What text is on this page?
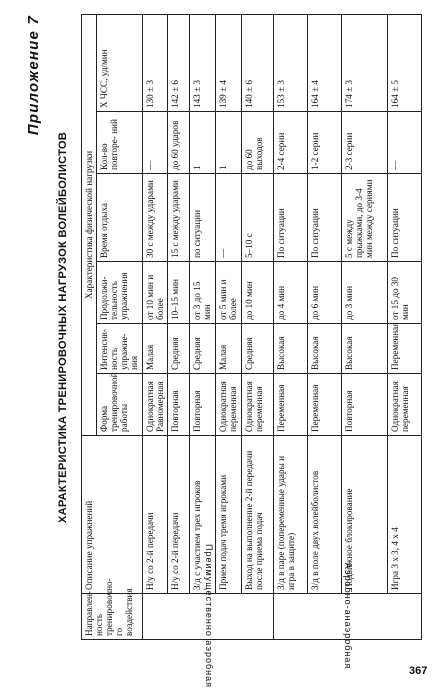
Приложение 7
ХАРАКТЕРИСТИКА ТРЕНИРОВОЧНЫХ НАГРУЗОК ВОЛЕЙБОЛИСТОВ
Направлен- ность тренировочно- го воздействия	Описание упражнений	Характеристика физической нагрузки					
		Форма тренировочной работы	Интенсив- ность упражне- ния	Продолжи- тельность упражнения	Время отдыха	Кол-во повторе- ний	X ЧСС, уд/мин

Преимущественно аэробная	Н/у со 2-й передачи	Однократная Равномерная	Малая	от 10 мин и более	30 с между ударами	—	130 ± 3
	Н/у со 2-й передачи	Повторная	Средняя	10–15 мин	15 с между ударами	до 60 ударов	142 ± 6
	З/д с участием трех игроков	Повторная	Средняя	от 3 до 15 мин	по ситуации	1	143 ± 3
	Прием подач тремя игроками	Однократная переменная	Малая	от 5 мин и более	—	1	139 ± 4
	Выход на выполнение 2-й передачи после приема подач	Однократная переменная	Средняя	до 10 мин	5–10 с	до 60 выходов	140 ± 6

Аэробно-анаэробная	З/д в паре (попеременные удары и игра в защите)	Переменная	Высокая	до 4 мин	По ситуации	2-4 серии	153 ± 3
	З/д в поле двух волейболистов	Переменная	Высокая	до 6 мин	По ситуации	1-2 серии	164 ± 4
	Подвижное блокирование	Повторная	Высокая	до 3 мин	5 с между прыжками, до 3-4 мин между сериями	2-3 серии	174 ± 3
	Игра 3 х 3, 4 х 4	Однократная переменная	Переменная	от 15 до 30 мин	По ситуации	—	164 ± 5
367
